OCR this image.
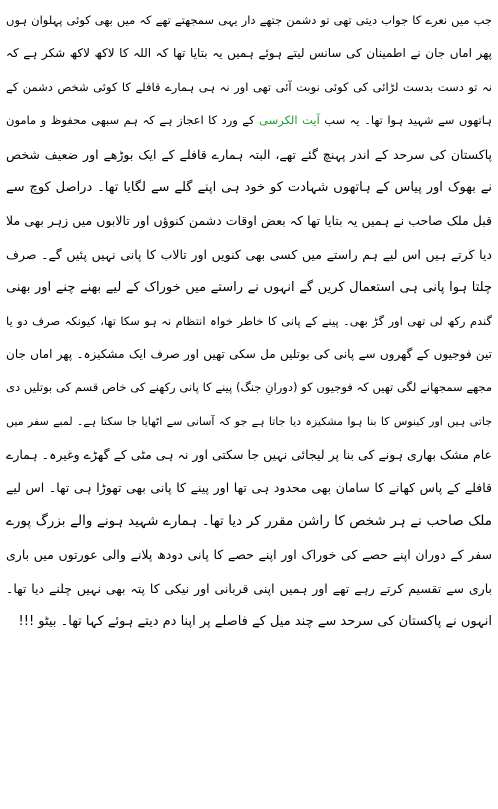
جب میں نعرے کا جواب دیتی تھی تو دشمن جتھے دار یہی سمجھتے تھے کہ میں بھی کوئی پہلوان ہوں
پھر اماں جان نے اطمینان کی سانس لیتے ہوئے ہمیں یہ بتایا تھا کہ اللہ کا لاکھ لاکھ شکر ہے کہ
نہ تو دست بدست لڑائی کی کوئی نوبت آئی تھی اور نہ ہی ہمارے قافلے کا کوئی شخص دشمن کے
ہاتھوں سے شہید ہوا تھا۔ یہ سب آیت الکرسی کے ورد کا اعجاز ہے کہ ہم سبھی محفوظ و مامون
پاکستان کی سرحد کے اندر پہنچ گئے تھے، البتہ ہمارے قافلے کے ایک بوڑھے اور ضعیف شخص
نے بھوک اور پیاس کے ہاتھوں شہادت کو خود ہی اپنے گلے سے لگایا تھا۔ دراصل کوچ سے
قبل ملک صاحب نے ہمیں یہ بتایا تھا کہ بعض اوقات دشمن کنوؤں اور تالابوں میں زہر بھی ملا
دیا کرتے ہیں اس لیے ہم راستے میں کسی بھی کنویں اور تالاب کا پانی نہیں پئیں گے۔ صرف
چلتا ہوا پانی ہی استعمال کریں گے انہوں نے راستے میں خوراک کے لیے بھنے چنے اور بھنی
گندم رکھ لی تھی اور گڑ بھی۔ پینے کے پانی کا خاطر خواہ انتظام نہ ہو سکا تھا، کیونکہ صرف دو یا
تین فوجیوں کے گھروں سے پانی کی بوتلیں مل سکی تھیں اور صرف ایک مشکیزہ۔ پھر اماں جان
مجھے سمجھانے لگی تھیں کہ فوجیوں کو (دورانِ جنگ) پینے کا پانی رکھنے کی خاص قسم کی بوتلیں دی
جاتی ہیں اور کینوس کا بنا ہوا مشکیزہ دیا جاتا ہے جو کہ آسانی سے اٹھایا جا سکتا ہے۔ لمبے سفر میں
عام مشک بھاری ہونے کی بنا پر لیجائی نہیں جا سکتی اور نہ ہی مٹی کے گھڑے وغیرہ۔ ہمارے
قافلے کے پاس کھانے کا سامان بھی محدود ہی تھا اور پینے کا پانی بھی تھوڑا ہی تھا۔ اس لیے
ملک صاحب نے ہر شخص کا راشن مقرر کر دیا تھا۔ ہمارے شہید ہونے والے بزرگ پورے
سفر کے دوران اپنے حصے کی خوراک اور اپنے حصے کا پانی دودھ پلانے والی عورتوں میں باری
باری سے تقسیم کرتے رہے تھے اور ہمیں اپنی قربانی اور نیکی کا پتہ بھی نہیں چلنے دیا تھا۔
انہوں نے پاکستان کی سرحد سے چند میل کے فاصلے پر اپنا دم دیتے ہوئے کہا تھا۔ بیٹو !!!
